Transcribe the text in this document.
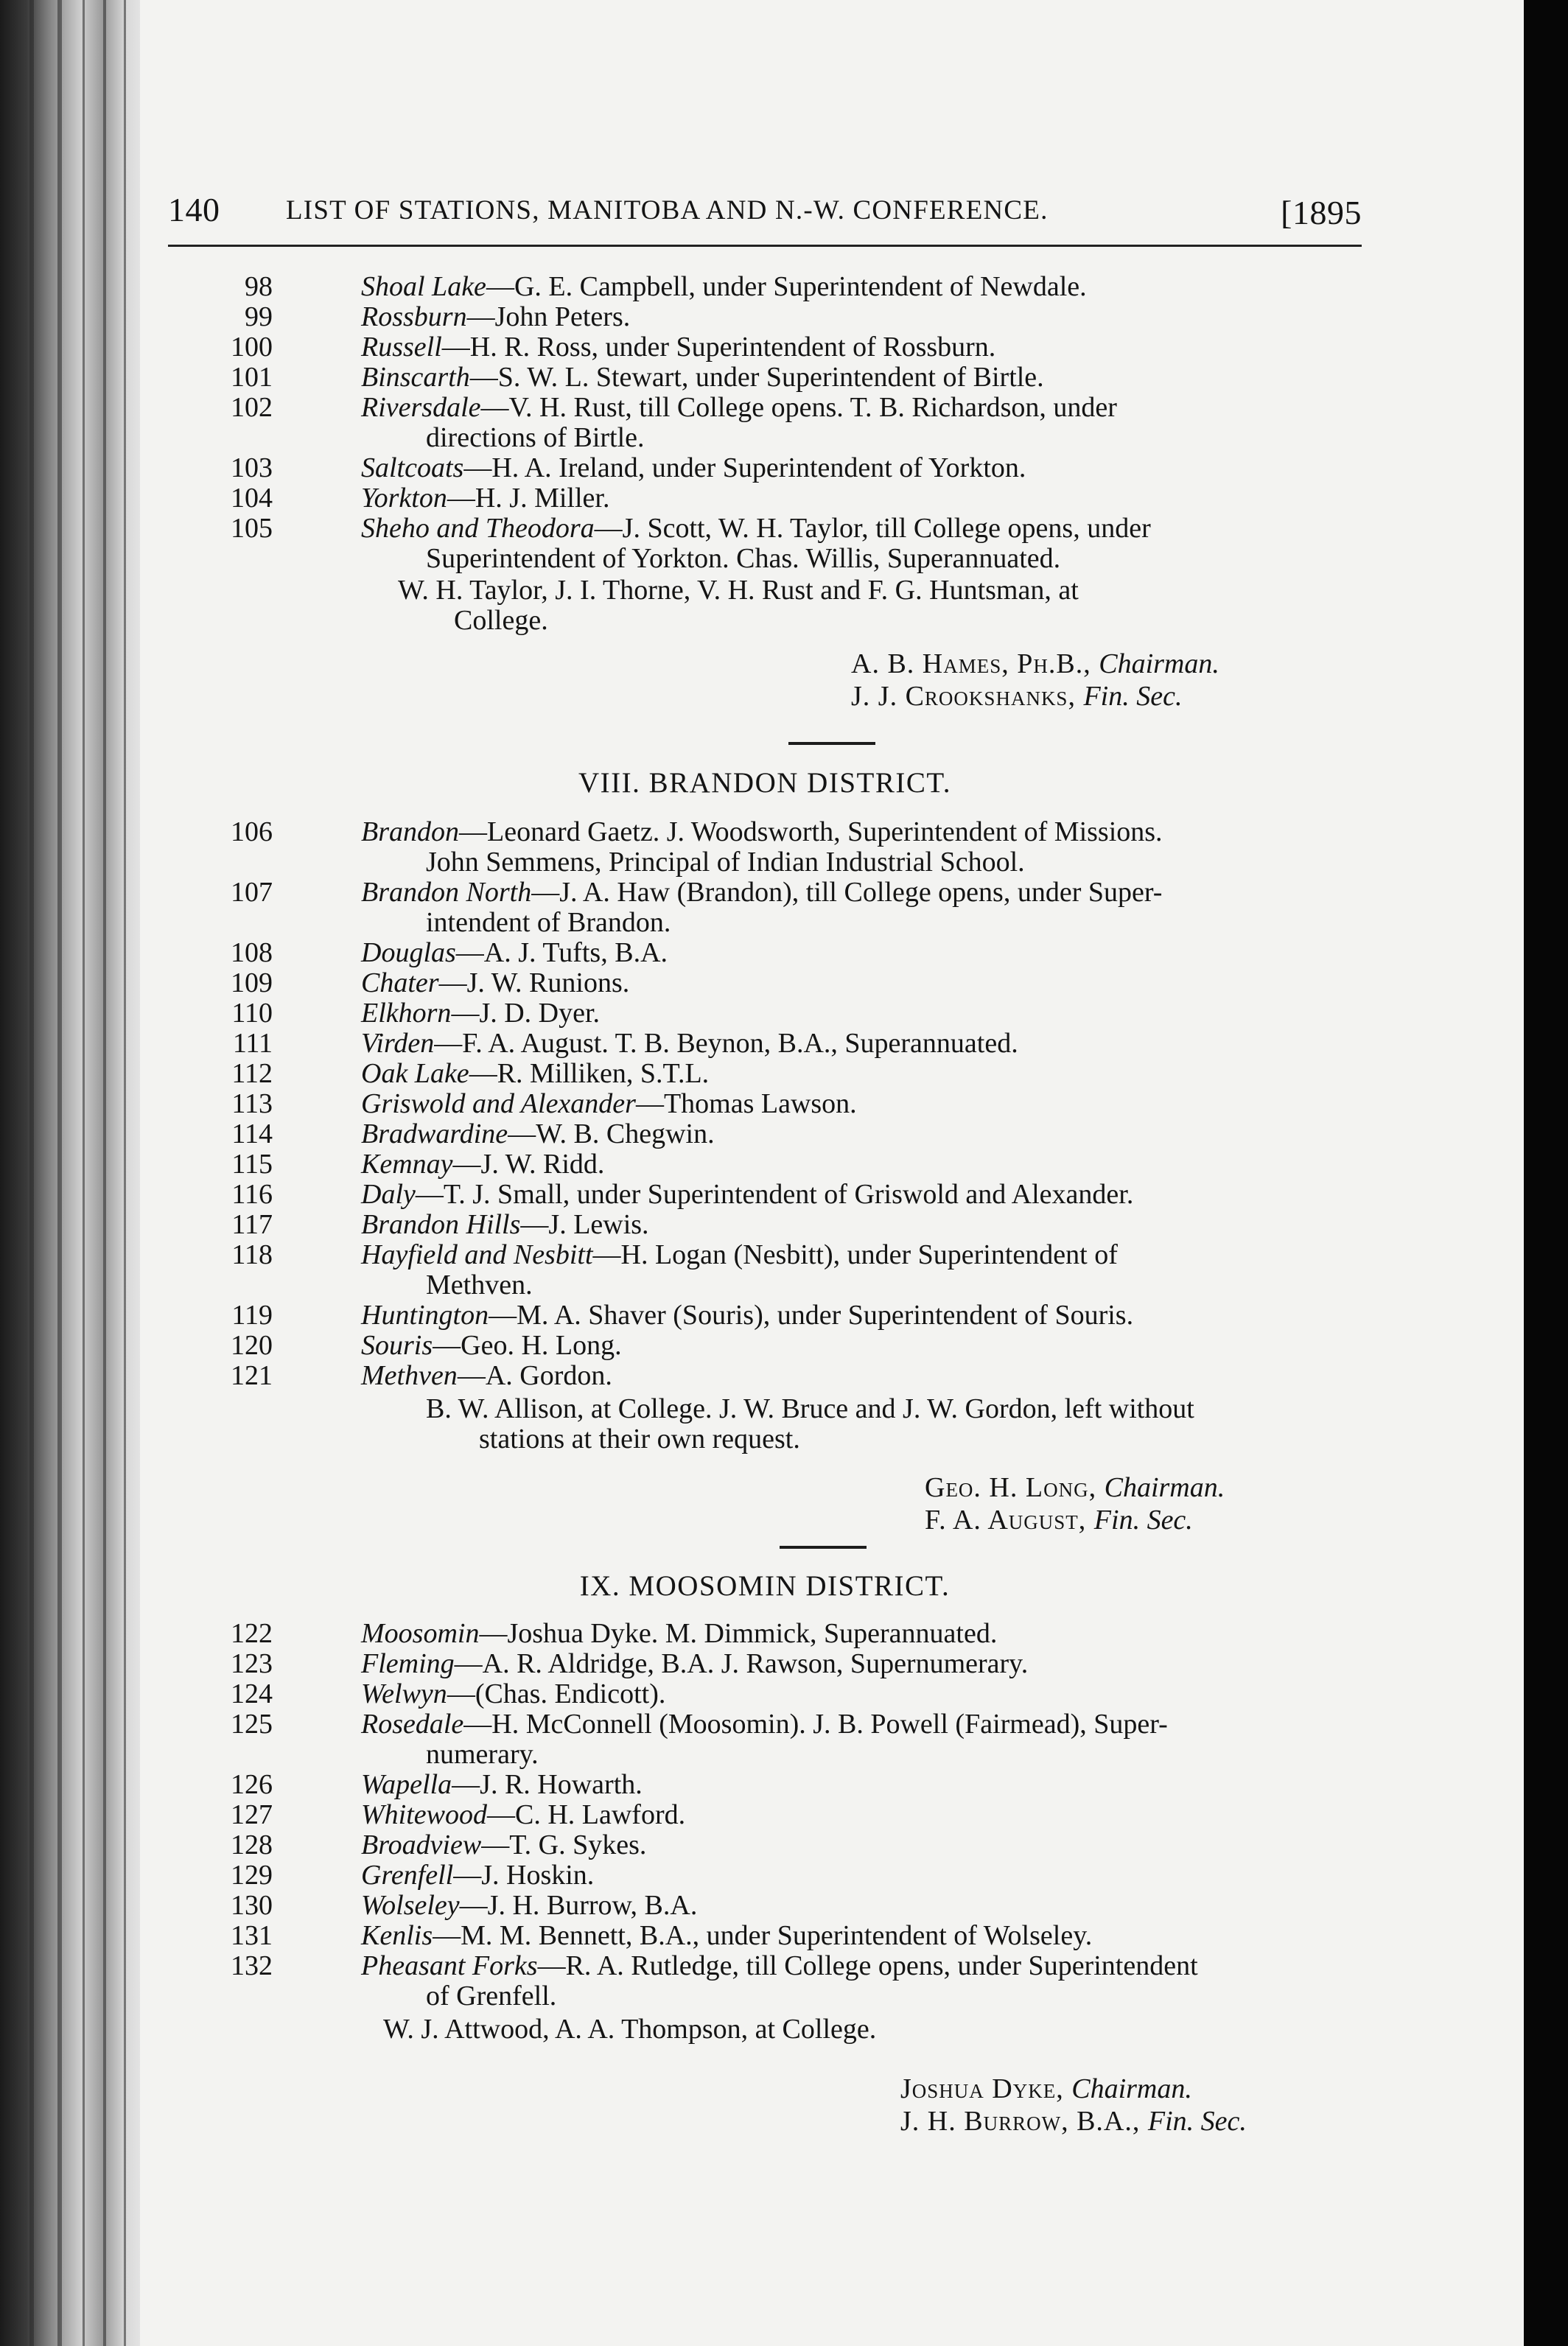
140 LIST OF STATIONS, MANITOBA AND N.-W. CONFERENCE.	[1895
98	Shoal Lake—G. E. Campbell, under Superintendent of Newdale.
99	Rossburn—John Peters.
100	Russell—H. R. Ross, under Superintendent of Rossburn.
101	Binscarth—S. W. L. Stewart, under Superintendent of Birtle.
102	Riversdale—V. H. Rust, till College opens. T. B. Richardson, under
directions of Birtle.
103	Saltcoats—H. A. Ireland, under Superintendent of Yorkton.
104	Yorkton—H. J. Miller.
105	Sheho and Theodora—J. Scott, W. H. Taylor, till College opens, under
Superintendent of Yorkton. Chas. Willis, Superannuated.
W. H. Taylor, J. I. Thorne, V. H. Rust and F. G. Huntsman, at
College.
A. B. Hames, Ph.B., Chairman.
J. J. Crookshanks, Fin. Sec.
VIII. BRANDON DISTRICT.
106	Brandon—Leonard Gaetz. J. Woodsworth, Superintendent of Missions.
John Semmens, Principal of Indian Industrial School.
107	Brandon North—J. A. Haw (Brandon), till College opens, under Super-
intendent of Brandon.
108	Douglas—A. J. Tufts, B.A.
109	Chater—J. W. Runions.
110	Elkhorn—J. D. Dyer.
111	Virden—F. A. August. T. B. Beynon, B.A., Superannuated.
112	Oak Lake—R. Milliken, S.T.L.
113	Griswold and Alexander—Thomas Lawson.
114	Bradwardine—W. B. Chegwin.
115	Kemnay—J. W. Ridd.
116	Daly—T. J. Small, under Superintendent of Griswold and Alexander.
117	Brandon Hills—J. Lewis.
118	Hayfield and Nesbitt—H. Logan (Nesbitt), under Superintendent of
Methven.
119	Huntington—M. A. Shaver (Souris), under Superintendent of Souris.
120	Souris—Geo. H. Long.
121	Methven—A. Gordon.
B. W. Allison, at College. J. W. Bruce and J. W. Gordon, left without
stations at their own request.
Geo. H. Long, Chairman.
F. A. August, Fin. Sec.
IX. MOOSOMIN DISTRICT.
122	Moosomin—Joshua Dyke. M. Dimmick, Superannuated.
123	Fleming—A. R. Aldridge, B.A. J. Rawson, Supernumerary.
124	Welwyn—(Chas. Endicott).
125	Rosedale—H. McConnell (Moosomin). J. B. Powell (Fairmead), Super-
numerary.
126	Wapella—J. R. Howarth.
127	Whitewood—C. H. Lawford.
128	Broadview—T. G. Sykes.
129	Grenfell—J. Hoskin.
130	Wolseley—J. H. Burrow, B.A.
131	Kenlis—M. M. Bennett, B.A., under Superintendent of Wolseley.
132	Pheasant Forks—R. A. Rutledge, till College opens, under Superintendent
of Grenfell.
W. J. Attwood, A. A. Thompson, at College.
Joshua Dyke, Chairman.
J. H. Burrow, B.A., Fin. Sec.
